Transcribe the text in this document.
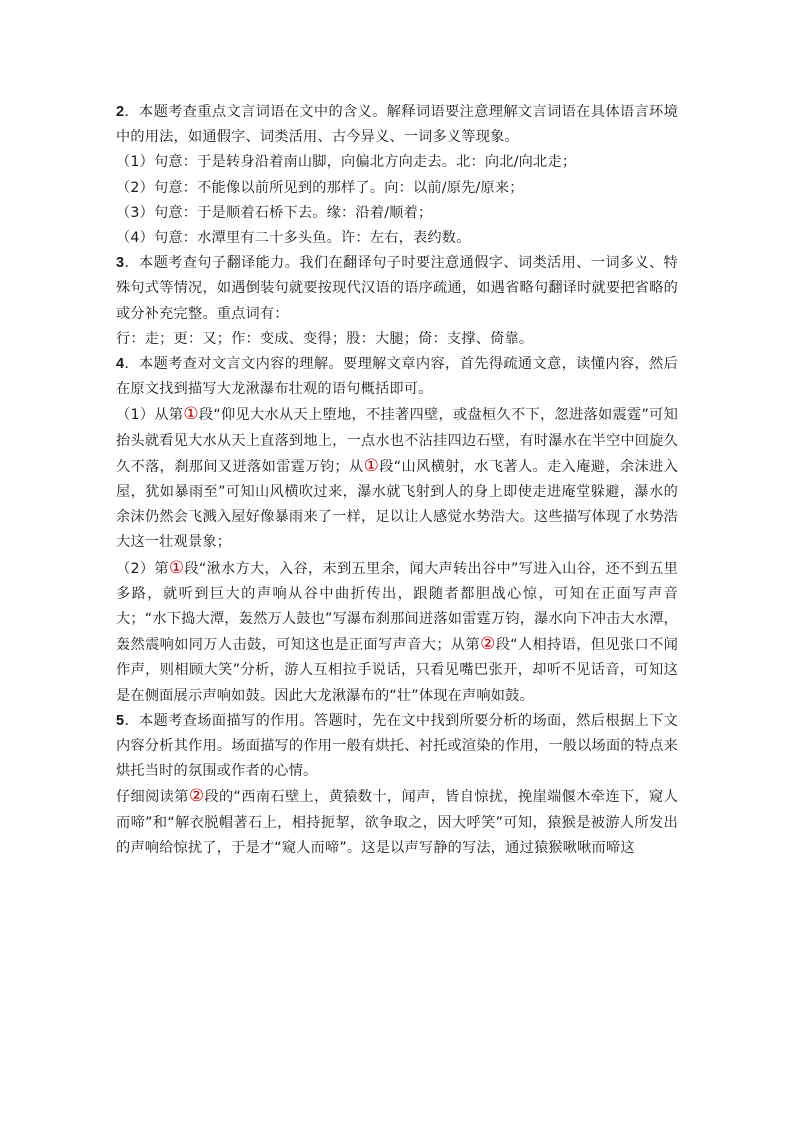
2．本题考查重点文言词语在文中的含义。解释词语要注意理解文言词语在具体语言环境中的用法，如通假字、词类活用、古今异义、一词多义等现象。

（1）句意：于是转身沿着南山脚，向偏北方向走去。北：向北/向北走；

（2）句意：不能像以前所见到的那样了。向：以前/原先/原来；

（3）句意：于是顺着石桥下去。缘：沿着/顺着；

（4）句意：水潭里有二十多头鱼。许：左右，表约数。

3．本题考查句子翻译能力。我们在翻译句子时要注意通假字、词类活用、一词多义、特殊句式等情况，如遇倒装句就要按现代汉语的语序疏通，如遇省略句翻译时就要把省略的或分补充完整。重点词有：

行：走；更：又；作：变成、变得；股：大腿；倚：支撑、倚靠。

4．本题考查对文言文内容的理解。要理解文章内容，首先得疏通文意，读懂内容，然后在原文找到描写大龙湫瀑布壮观的语句概括即可。

（1）从第①段“仰见大水从天上堕地，不挂著四壁，或盘桓久不下，忽进落如震霆”可知抬头就看见大水从天上直落到地上，一点水也不沾挂四边石壁，有时瀑水在半空中回旋久久不落，刹那间又迸落如雷霆万钧；从①段“山风横射，水飞著人。走入庵避，余沫进入屋，犹如暴雨至”可知山风横吹过来，瀑水就飞射到人的身上即使走进庵堂躲避，瀑水的余沫仍然会飞溅入屋好像暴雨来了一样，足以让人感觉水势浩大。这些描写体现了水势浩大这一壮观景象；

（2）第①段“湫水方大，入谷，未到五里余，闻大声转出谷中”写进入山谷，还不到五里多路，就听到巨大的声响从谷中曲折传出，跟随者都胆战心惊，可知在正面写声音大；“水下捣大潭，轰然万人鼓也”写瀑布刹那间迸落如雷霆万钧，瀑水向下冲击大水潭，轰然震响如同万人击鼓，可知这也是正面写声音大；从第②段“人相持语，但见张口不闻作声，则相顾大笑”分析，游人互相拉手说话，只看见嘴巴张开，却听不见话音，可知这是在侧面展示声响如鼓。因此大龙湫瀑布的“壮”体现在声响如鼓。

5．本题考查场面描写的作用。答题时，先在文中找到所要分析的场面，然后根据上下文内容分析其作用。场面描写的作用一般有烘托、衬托或渲染的作用，一般以场面的特点来烘托当时的氛围或作者的心情。

仔细阅读第②段的“西南石壁上，黄猿数十，闻声，皆自惊扰，挽崖端偃木牵连下，窥人而啼”和“解衣脱帽著石上，相持扼挈，欲争取之，因大呼笑”可知，猿猴是被游人所发出的声响给惊扰了，于是才“窥人而啼”。这是以声写静的写法，通过猿猴啾啾而啼这
